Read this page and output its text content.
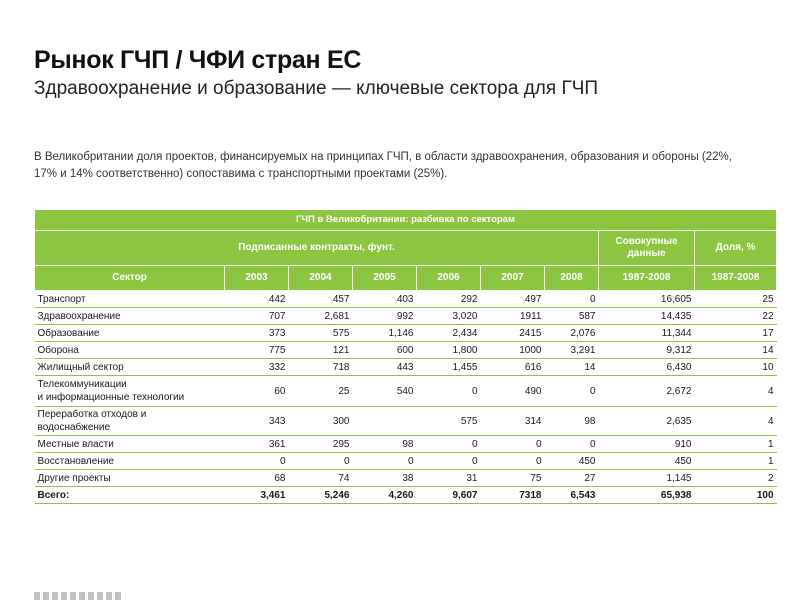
Рынок ГЧП / ЧФИ стран ЕС
Здравоохранение и образование — ключевые сектора для ГЧП
В Великобритании доля проектов, финансируемых на принципах ГЧП, в области здравоохранения, образования и обороны (22%, 17% и 14% соответственно) сопоставима с транспортными проектами (25%).
ГЧП в Великобритании: разбивка по секторам								
Подписанные контракты, фунт.							Совокупные данные	Доля, %
Сектор	2003	2004	2005	2006	2007	2008	1987-2008	1987-2008
Транспорт	442	457	403	292	497	0	16,605	25
Здравоохранение	707	2,681	992	3,020	1911	587	14,435	22
Образование	373	575	1,146	2,434	2415	2,076	11,344	17
Оборона	775	121	600	1,800	1000	3,291	9,312	14
Жилищный сектор	332	718	443	1,455	616	14	6,430	10
Телекоммуникации
и информационные технологии	60	25	540	0	490	0	2,672	4
Переработка отходов и водоснабжение	343	300		575	314	98	2,635	4
Местные власти	361	295	98	0	0	0	910	1
Восстановление	0	0	0	0	0	450	450	1
Другие проекты	68	74	38	31	75	27	1,145	2
Всего:	3,461	5,246	4,260	9,607	7318	6,543	65,938	100
